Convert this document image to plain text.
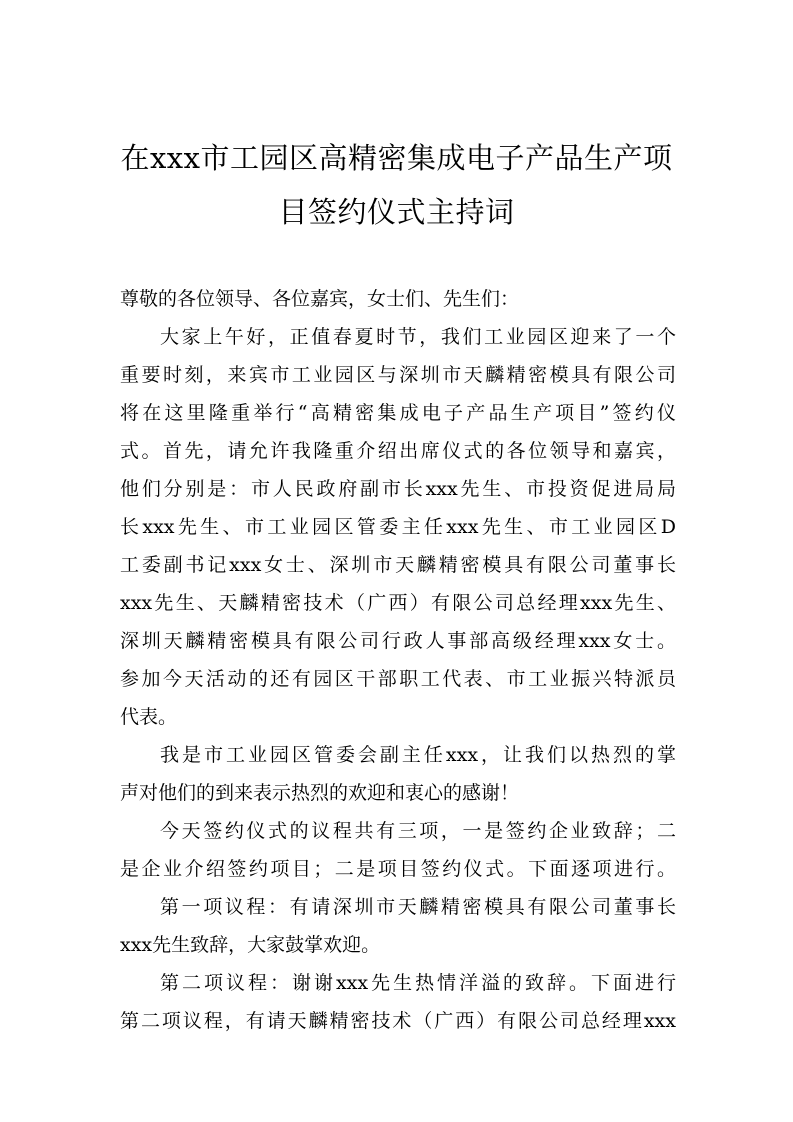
在xxx市工园区高精密集成电子产品生产项
目签约仪式主持词
尊敬的各位领导、各位嘉宾，女士们、先生们：
大家上午好，正值春夏时节，我们工业园区迎来了一个
重要时刻，来宾市工业园区与深圳市天麟精密模具有限公司
将在这里隆重举行“高精密集成电子产品生产项目”签约仪
式。首先，请允许我隆重介绍出席仪式的各位领导和嘉宾，
他们分别是：市人民政府副市长xxx先生、市投资促进局局
长xxx先生、市工业园区管委主任xxx先生、市工业园区D
工委副书记xxx女士、深圳市天麟精密模具有限公司董事长
xxx先生、天麟精密技术（广西）有限公司总经理xxx先生、
深圳天麟精密模具有限公司行政人事部高级经理xxx女士。
参加今天活动的还有园区干部职工代表、市工业振兴特派员
代表。
我是市工业园区管委会副主任xxx，让我们以热烈的掌
声对他们的到来表示热烈的欢迎和衷心的感谢！
今天签约仪式的议程共有三项，一是签约企业致辞；二
是企业介绍签约项目；二是项目签约仪式。下面逐项进行。
第一项议程：有请深圳市天麟精密模具有限公司董事长
xxx先生致辞，大家鼓掌欢迎。
第二项议程：谢谢xxx先生热情洋溢的致辞。下面进行
第二项议程，有请天麟精密技术（广西）有限公司总经理xxx
